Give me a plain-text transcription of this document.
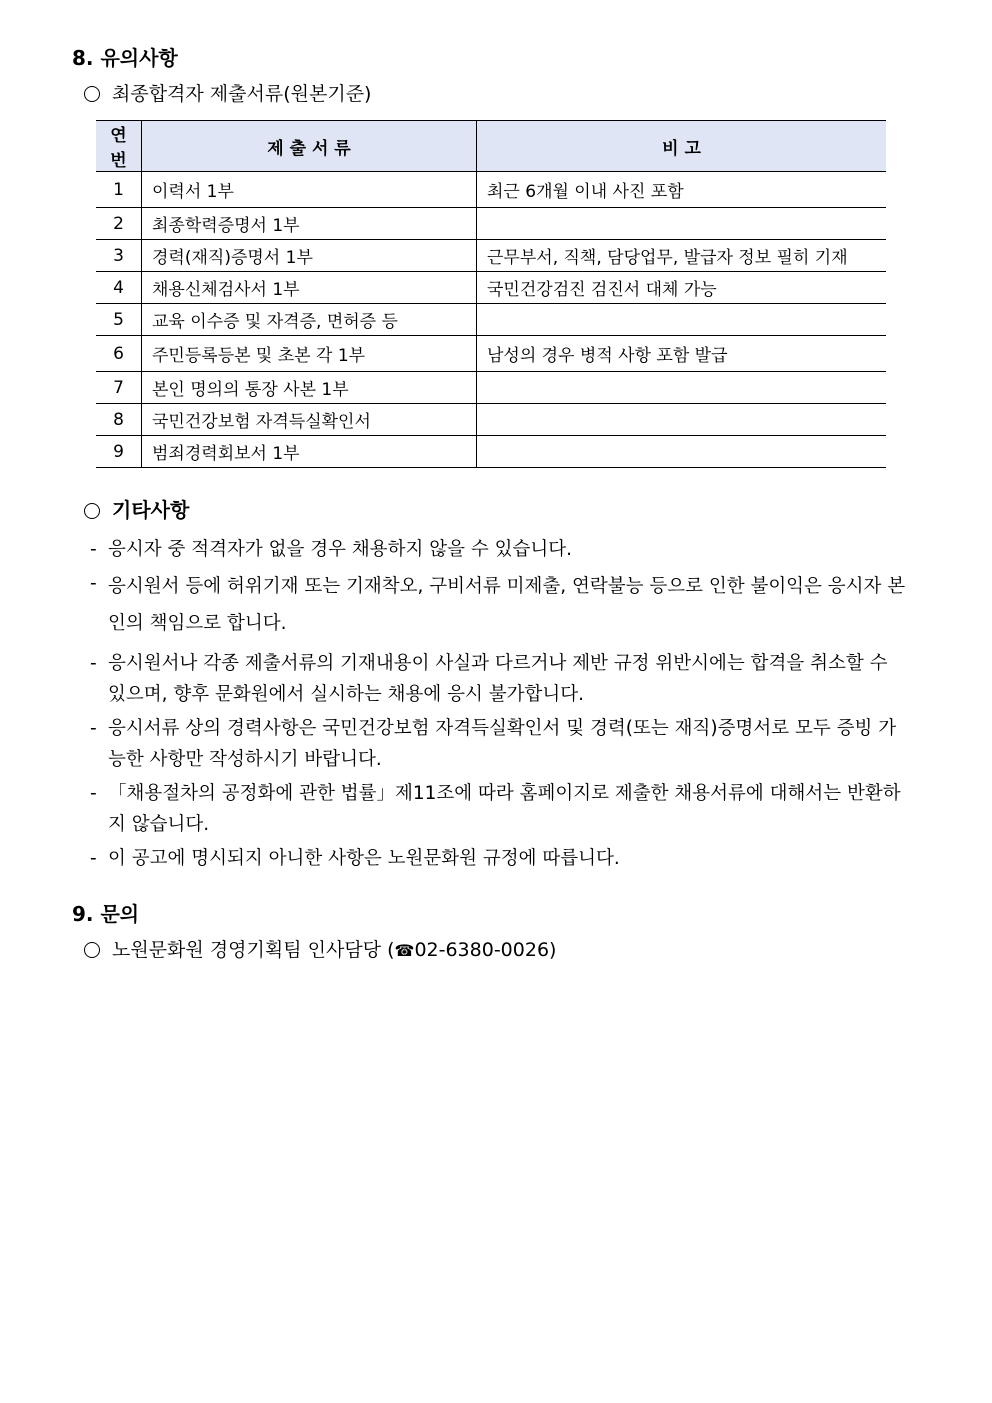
8. 유의사항
최종합격자 제출서류(원본기준)
연번	제 출 서 류	비 고
1	이력서 1부	최근 6개월 이내 사진 포함
2	최종학력증명서 1부	
3	경력(재직)증명서 1부	근무부서, 직책, 담당업무, 발급자 정보 필히 기재
4	채용신체검사서 1부	국민건강검진 검진서 대체 가능
5	교육 이수증 및 자격증, 면허증 등	
6	주민등록등본 및 초본 각 1부	남성의 경우 병적 사항 포함 발급
7	본인 명의의 통장 사본 1부	
8	국민건강보험 자격득실확인서	
9	범죄경력회보서 1부	
기타사항
- 응시자 중 적격자가 없을 경우 채용하지 않을 수 있습니다.
- 응시원서 등에 허위기재 또는 기재착오, 구비서류 미제출, 연락불능 등으로 인한 불이익은 응시자 본인의 책임으로 합니다.
- 응시원서나 각종 제출서류의 기재내용이 사실과 다르거나 제반 규정 위반시에는 합격을 취소할 수 있으며, 향후 문화원에서 실시하는 채용에 응시 불가합니다.
- 응시서류 상의 경력사항은 국민건강보험 자격득실확인서 및 경력(또는 재직)증명서로 모두 증빙 가능한 사항만 작성하시기 바랍니다.
- 「채용절차의 공정화에 관한 법률」제11조에 따라 홈페이지로 제출한 채용서류에 대해서는 반환하지 않습니다.
- 이 공고에 명시되지 아니한 사항은 노원문화원 규정에 따릅니다.
9. 문의
노원문화원 경영기획팀 인사담당 (☎02-6380-0026)
